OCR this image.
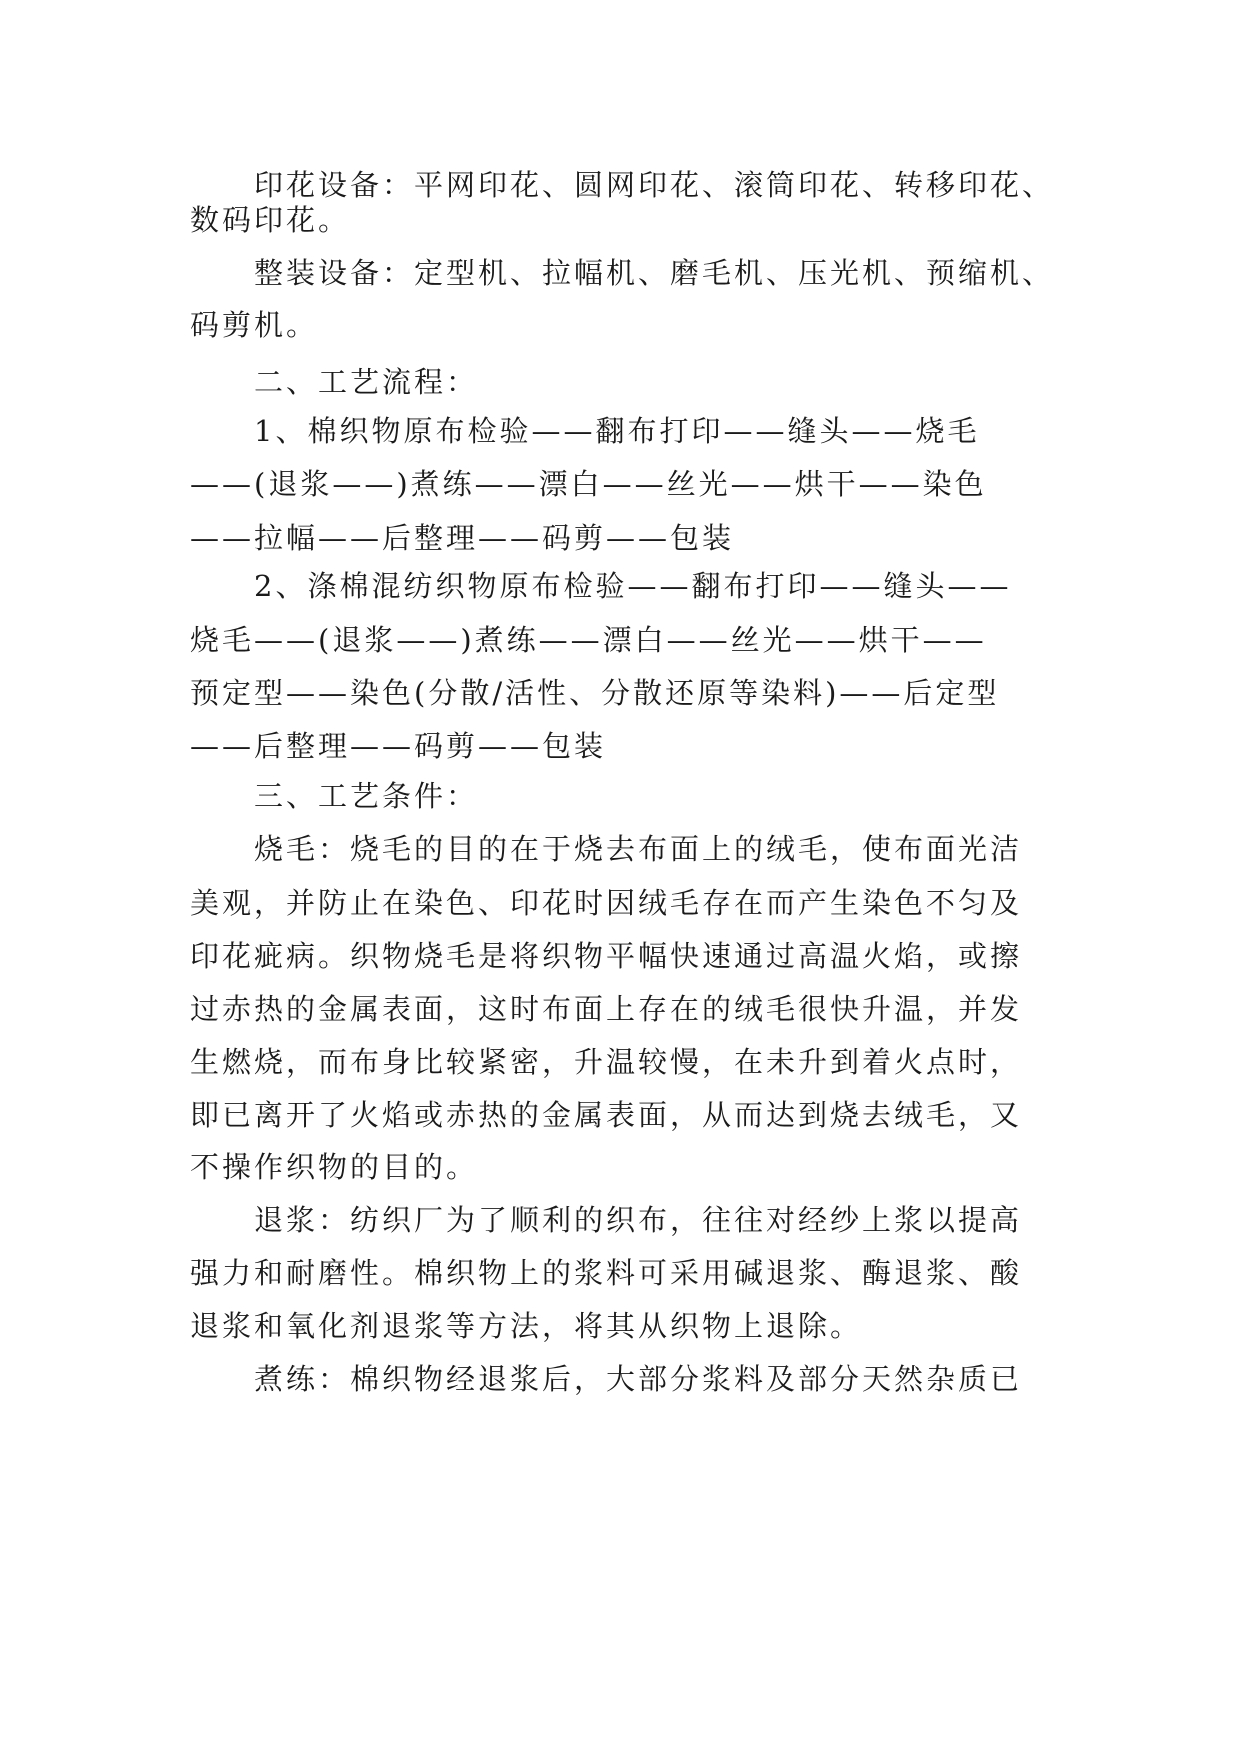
印花设备：平网印花、圆网印花、滚筒印花、转移印花、
数码印花。
整装设备：定型机、拉幅机、磨毛机、压光机、预缩机、
码剪机。
二、工艺流程：
1、棉织物原布检验——翻布打印——缝头——烧毛
——(退浆——)煮练——漂白——丝光——烘干——染色
——拉幅——后整理——码剪——包装
2、涤棉混纺织物原布检验——翻布打印——缝头——
烧毛——(退浆——)煮练——漂白——丝光——烘干——
预定型——染色(分散/活性、分散还原等染料)——后定型
——后整理——码剪——包装
三、工艺条件：
烧毛：烧毛的目的在于烧去布面上的绒毛，使布面光洁
美观，并防止在染色、印花时因绒毛存在而产生染色不匀及
印花疵病。织物烧毛是将织物平幅快速通过高温火焰，或擦
过赤热的金属表面，这时布面上存在的绒毛很快升温，并发
生燃烧，而布身比较紧密，升温较慢，在未升到着火点时，
即已离开了火焰或赤热的金属表面，从而达到烧去绒毛，又
不操作织物的目的。
退浆：纺织厂为了顺利的织布，往往对经纱上浆以提高
强力和耐磨性。棉织物上的浆料可采用碱退浆、酶退浆、酸
退浆和氧化剂退浆等方法，将其从织物上退除。
煮练：棉织物经退浆后，大部分浆料及部分天然杂质已
